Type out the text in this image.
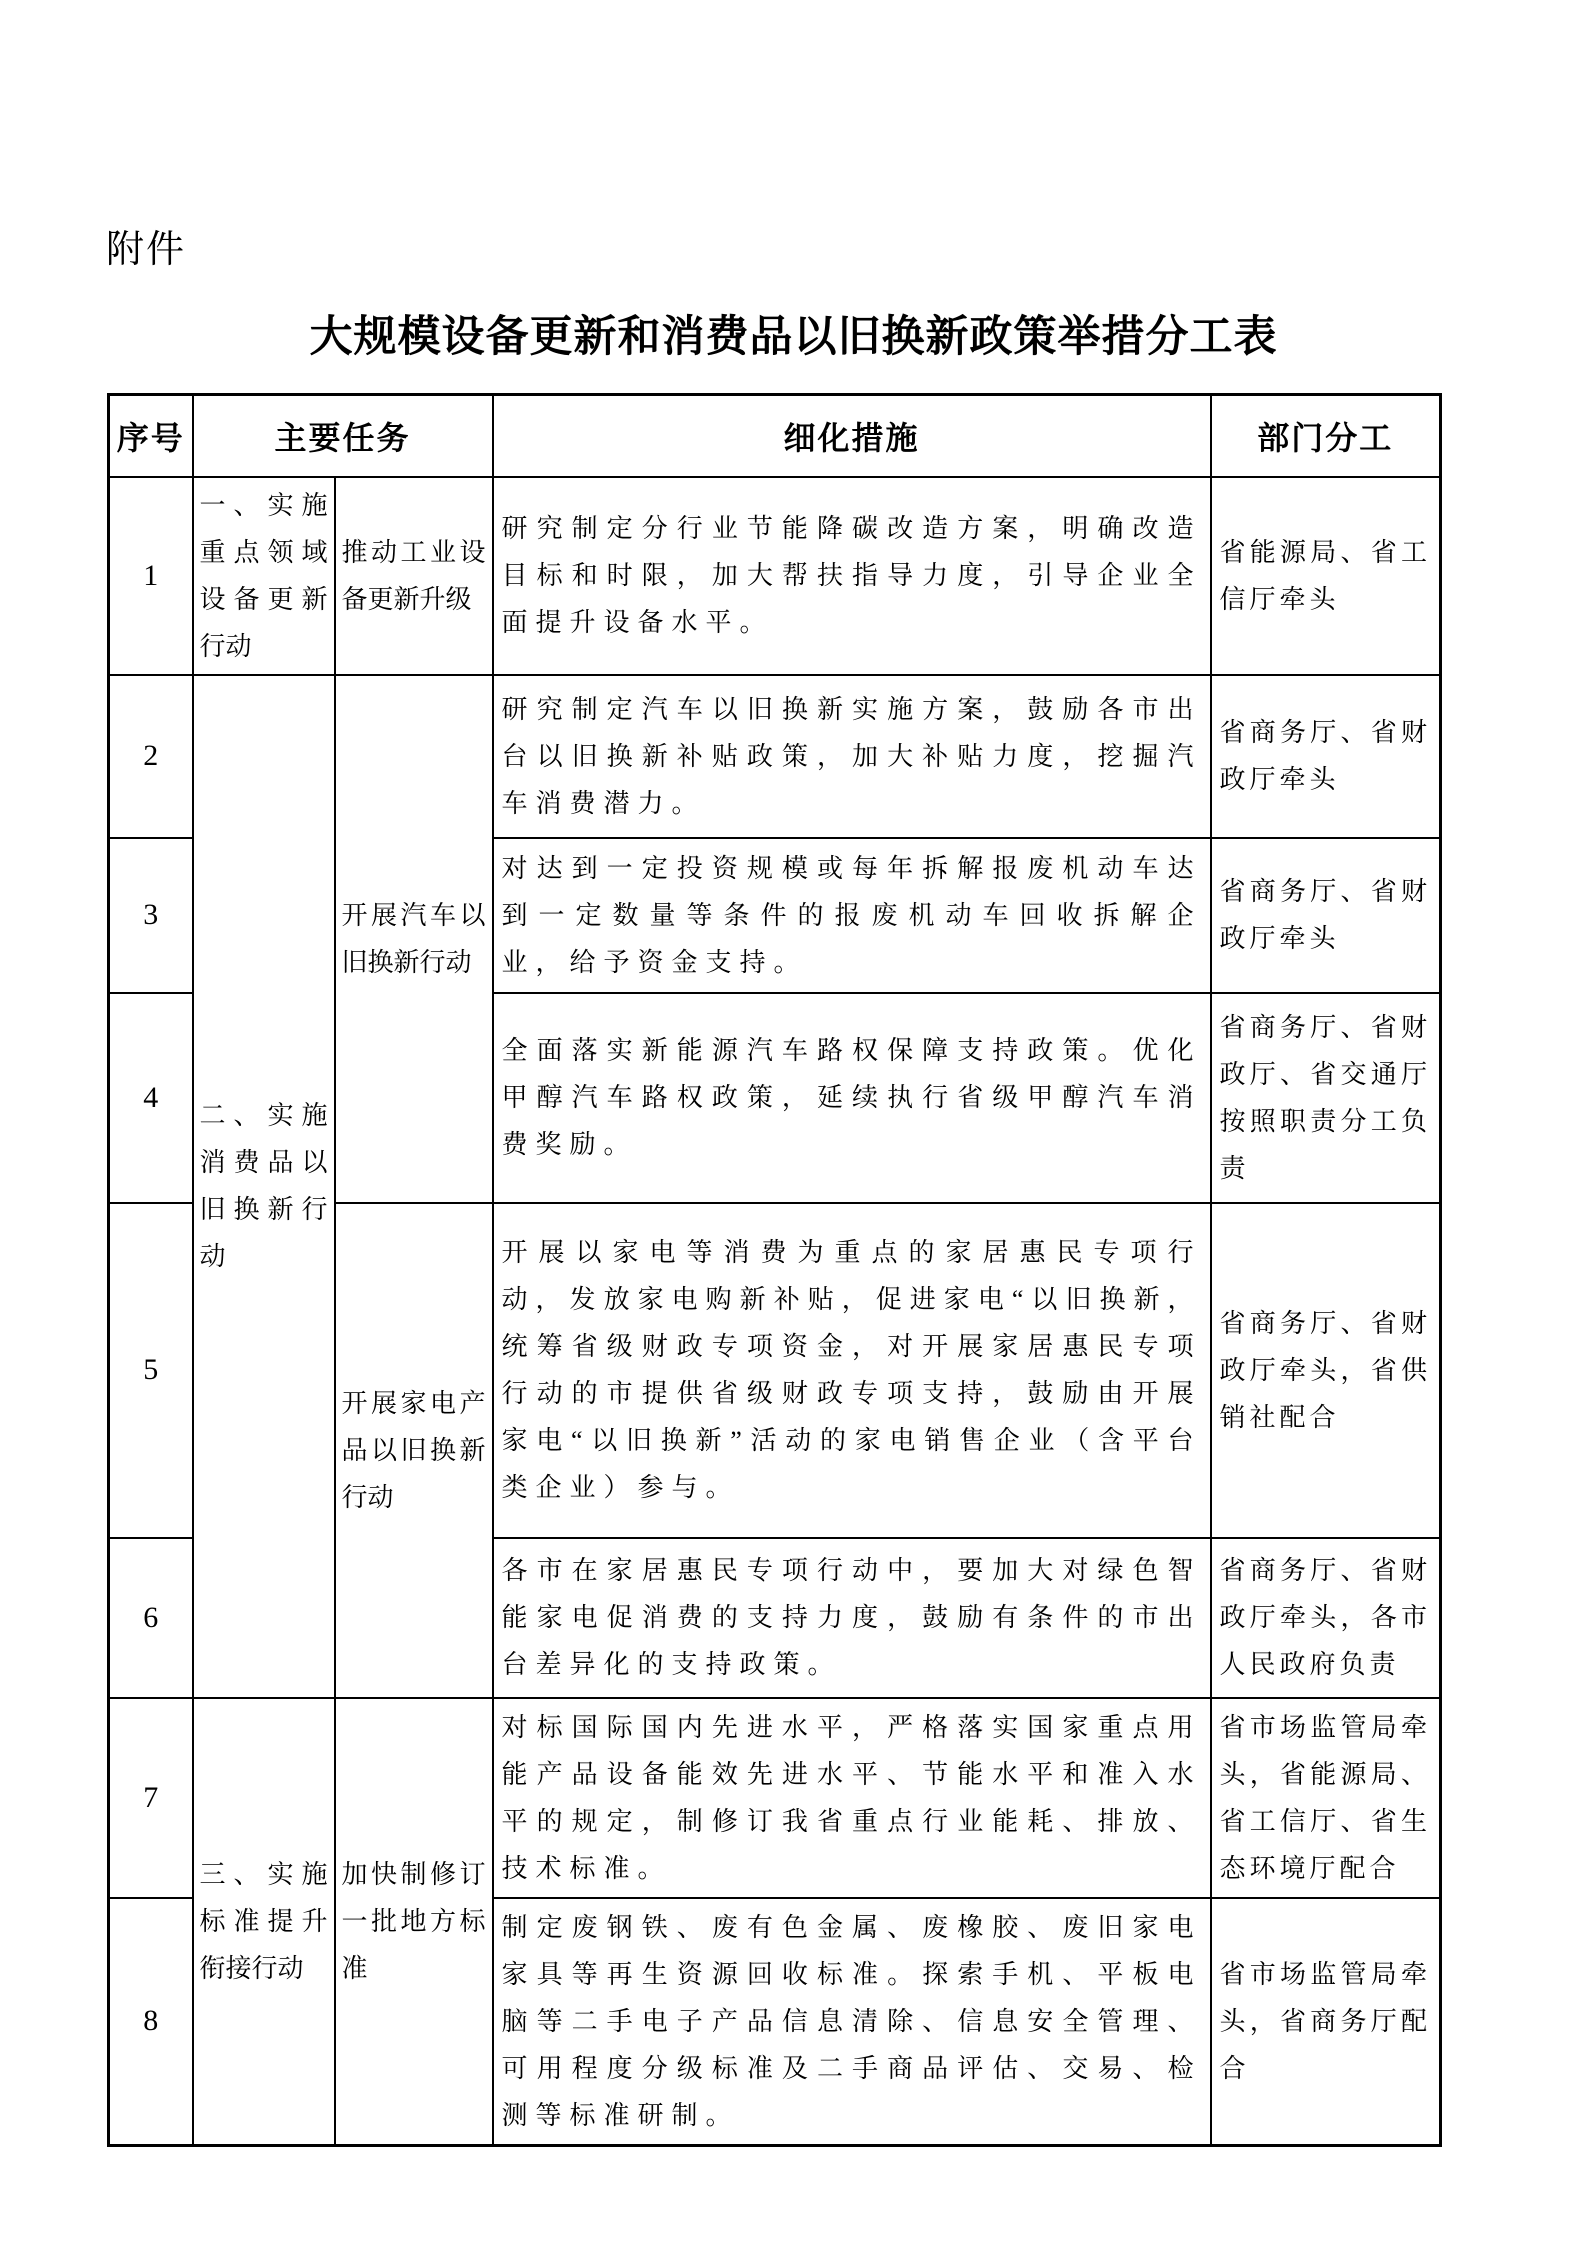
附件
大规模设备更新和消费品以旧换新政策举措分工表
序号	主要任务		细化措施	部门分工
1	一、实施重点领域设备更新行动	推动工业设备更新升级	研究制定分行业节能降碳改造方案，明确改造目标和时限，加大帮扶指导力度，引导企业全面提升设备水平。	省能源局、省工信厅牵头
2	二、实施消费品以旧换新行动	开展汽车以旧换新行动	研究制定汽车以旧换新实施方案，鼓励各市出台以旧换新补贴政策，加大补贴力度，挖掘汽车消费潜力。	省商务厅、省财政厅牵头
3			对达到一定投资规模或每年拆解报废机动车达到一定数量等条件的报废机动车回收拆解企业，给予资金支持。	省商务厅、省财政厅牵头
4			全面落实新能源汽车路权保障支持政策。优化甲醇汽车路权政策，延续执行省级甲醇汽车消费奖励。	省商务厅、省财政厅、省交通厅按照职责分工负责
5		开展家电产品以旧换新行动	开展以家电等消费为重点的家居惠民专项行动，发放家电购新补贴，促进家电“以旧换新，统筹省级财政专项资金，对开展家居惠民专项行动的市提供省级财政专项支持，鼓励由开展家电“以旧换新”活动的家电销售企业（含平台类企业）参与。	省商务厅、省财政厅牵头，省供销社配合
6			各市在家居惠民专项行动中，要加大对绿色智能家电促消费的支持力度，鼓励有条件的市出台差异化的支持政策。	省商务厅、省财政厅牵头，各市人民政府负责
7	三、实施标准提升衔接行动	加快制修订一批地方标准	对标国际国内先进水平，严格落实国家重点用能产品设备能效先进水平、节能水平和准入水平的规定，制修订我省重点行业能耗、排放、技术标准。	省市场监管局牵头，省能源局、省工信厅、省生态环境厅配合
8			制定废钢铁、废有色金属、废橡胶、废旧家电家具等再生资源回收标准。探索手机、平板电脑等二手电子产品信息清除、信息安全管理、可用程度分级标准及二手商品评估、交易、检测等标准研制。	省市场监管局牵头，省商务厅配合
